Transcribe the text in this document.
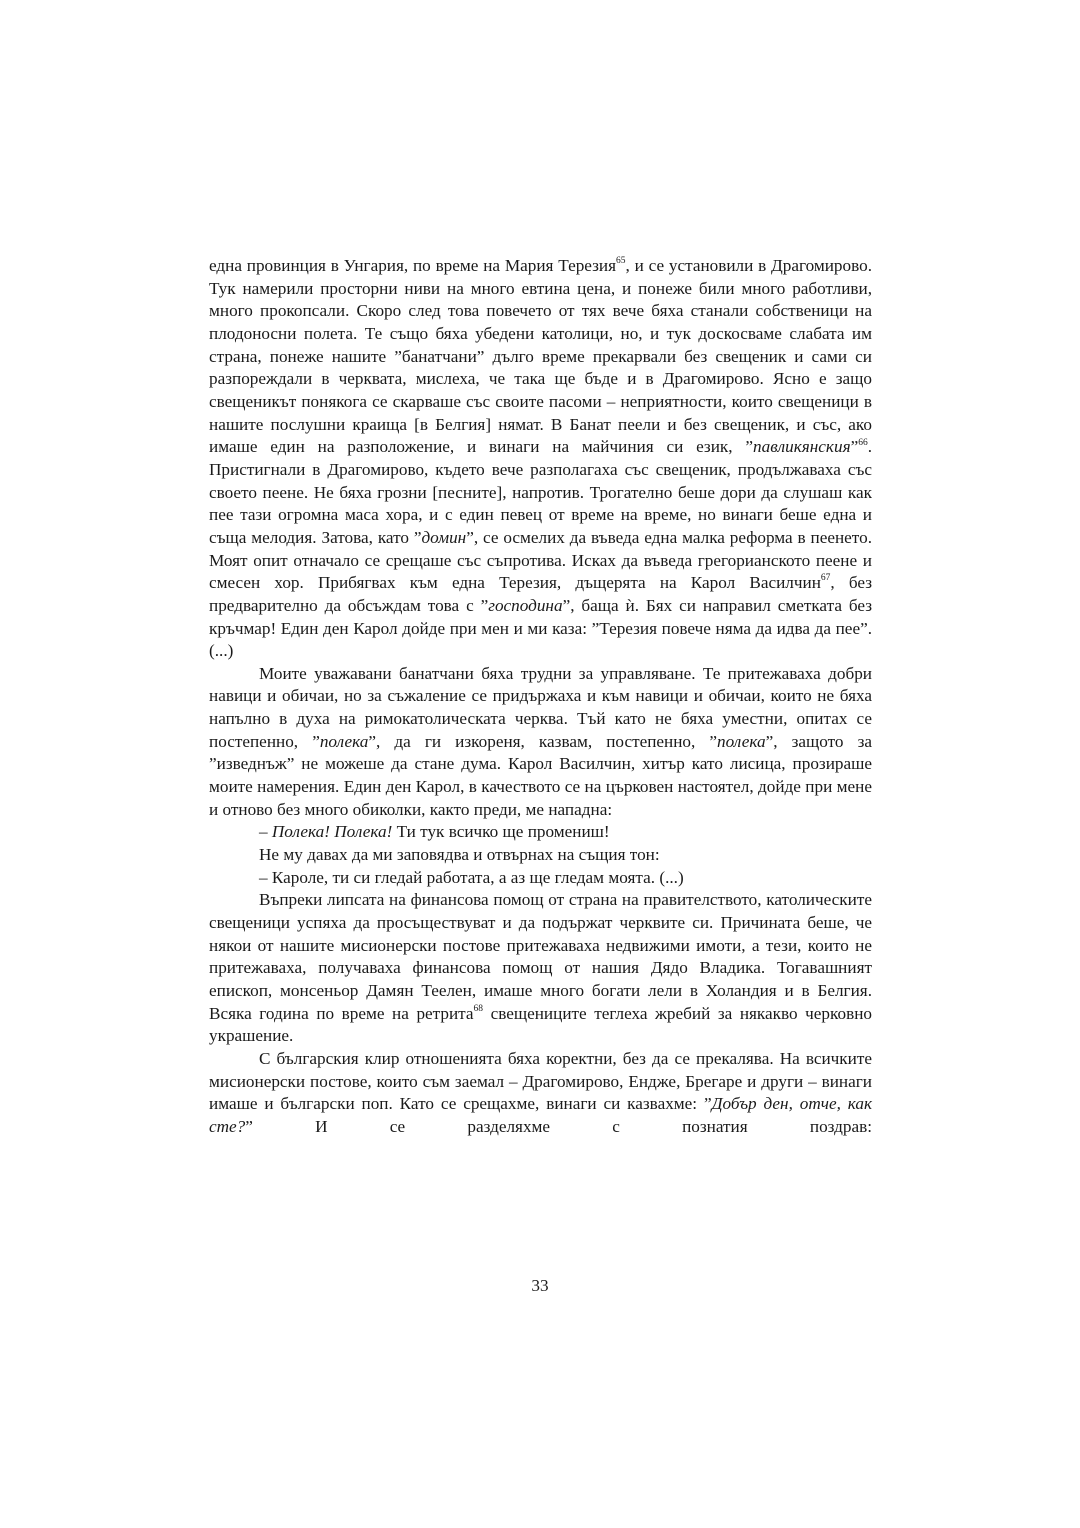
една провинция в Унгария, по време на Мария Терезия$^{65}$, и се установили в Драгомирово. Тук намерили просторни ниви на много евтина цена, и понеже били много работливи, много прокопсали. Скоро след това повечето от тях вече бяха станали собственици на плодоносни полета. Те също бяха убедени католици, но, и тук доскосваме слабата им страна, понеже нашите ”банатчани” дълго време прекарвали без свещеник и сами си разпореждали в черквата, мислеха, че така ще бъде и в Драгомирово. Ясно е защо свещеникът понякога се скарваше със своите пасоми – неприятности, които свещеници в нашите послушни краища [в Белгия] нямат. В Банат пеели и без свещеник, и със, ако имаше един на разположение, и винаги на майчиния си език, ”павликянския”$^{66}$. Пристигнали в Драгомирово, където вече разполагаха със свещеник, продължаваха със своето пеене. Не бяха грозни [песните], напротив. Трогателно беше дори да слушаш как пее тази огромна маса хора, и с един певец от време на време, но винаги беше една и съща мелодия. Затова, като ”домин”, се осмелих да въведа една малка реформа в пеенето. Моят опит отначало се срещаше със съпротива. Исках да въведа грегорианското пеене и смесен хор. Прибягвах към една Терезия, дъщерята на Карол Василчин$^{67}$, без предварително да обсъждам това с ”господина”, баща ѝ. Бях си направил сметката без кръчмар! Един ден Карол дойде при мен и ми каза: ”Терезия повече няма да идва да пее”. (...)

Моите уважавани банатчани бяха трудни за управляване. Те притежаваха добри навици и обичаи, но за съжаление се придържаха и към навици и обичаи, които не бяха напълно в духа на римокатолическата черква. Тъй като не бяха уместни, опитах се постепенно, ”полека”, да ги изкореня, казвам, постепенно, ”полека”, защото за ”изведнъж” не можеше да стане дума. Карол Василчин, хитър като лисица, прозираше моите намерения. Един ден Карол, в качеството се на църковен настоятел, дойде при мене и отново без много обиколки, както преди, ме нападна:

– Полека! Полека! Ти тук всичко ще промениш!

Не му давах да ми заповядва и отвърнах на същия тон:

– Кароле, ти си гледай работата, а аз ще гледам моята. (...)

Въпреки липсата на финансова помощ от страна на правителството, католическите свещеници успяха да просъществуват и да подържат черквите си. Причината беше, че някои от нашите мисионерски постове притежаваха недвижими имоти, а тези, които не притежаваха, получаваха финансова помощ от нашия Дядо Владика. Тогавашният епископ, монсеньор Дамян Теелен, имаше много богати лели в Холандия и в Белгия. Всяка година по време на ретрита$^{68}$ свещениците теглеха жребий за някакво черковно украшение.

С българския клир отношенията бяха коректни, без да се прекалява. На всичките мисионерски постове, които съм заемал – Драгомирово, Ендже, Брегаре и други – винаги имаше и български поп. Като се срещахме, винаги си казвахме: ”Добър ден, отче, как сте?” И се разделяхме с познатия поздрав:

33
